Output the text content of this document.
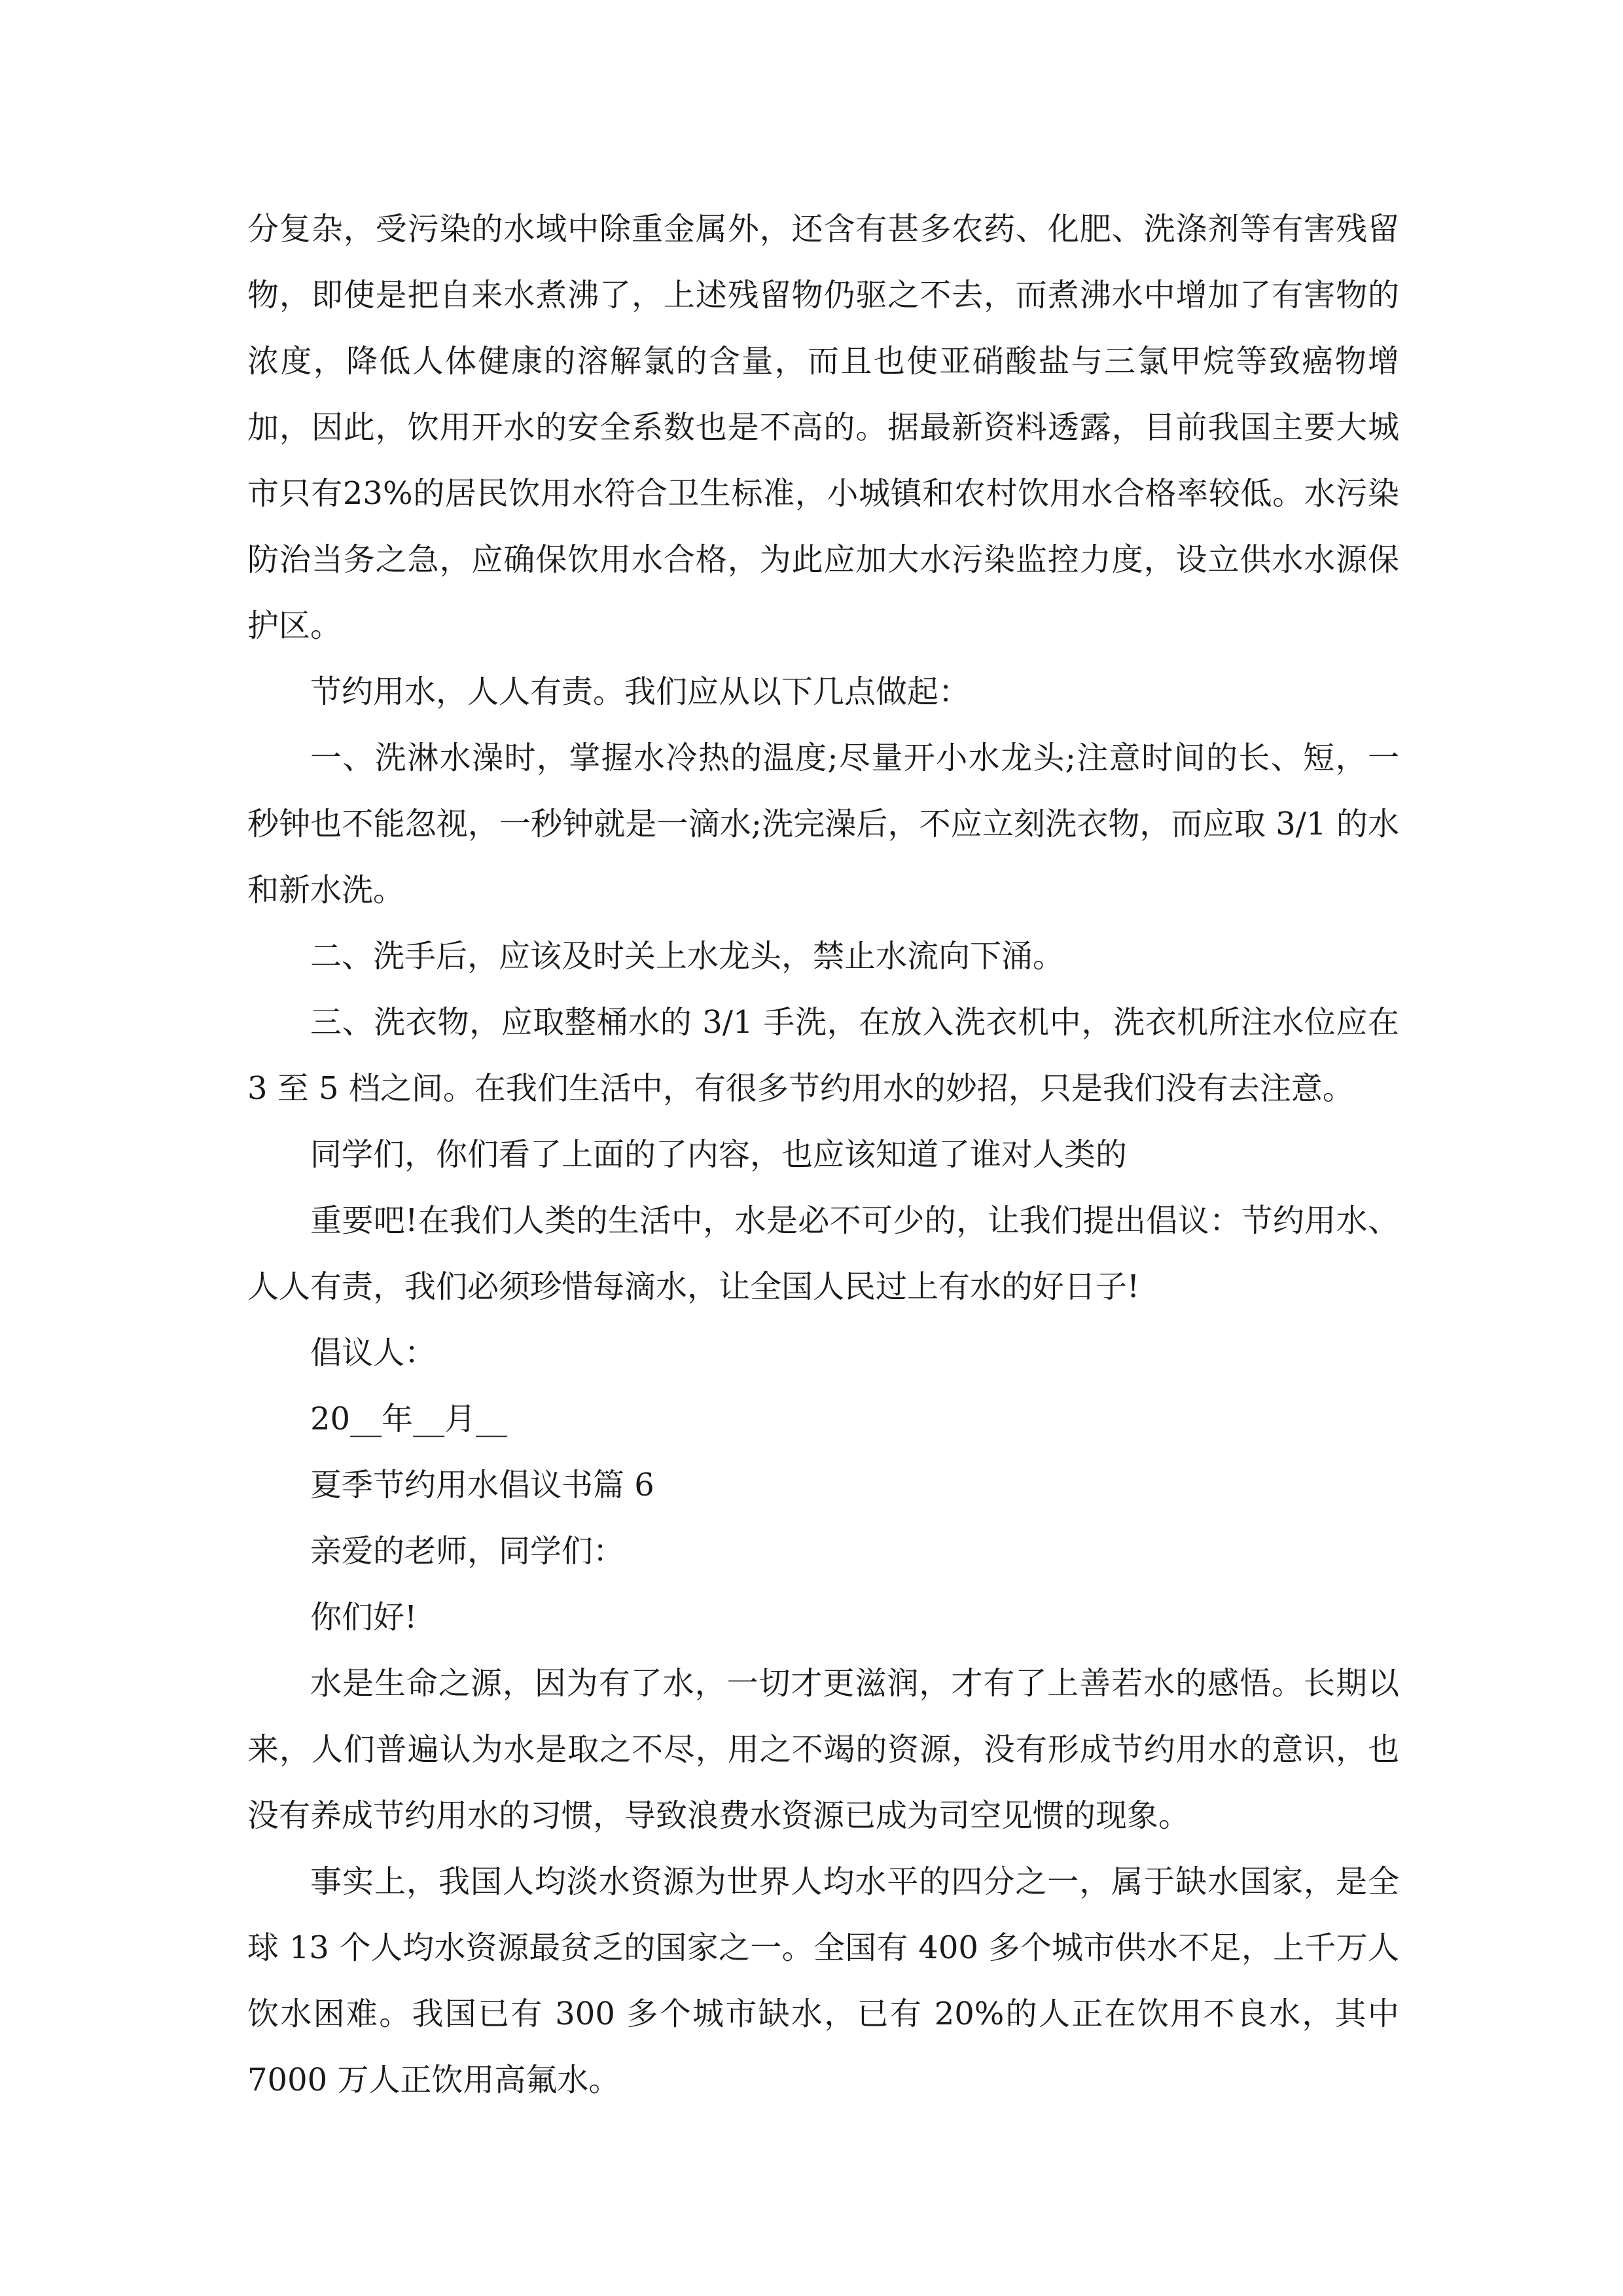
分复杂，受污染的水域中除重金属外，还含有甚多农药、化肥、洗涤剂等有害残留物，即使是把自来水煮沸了，上述残留物仍驱之不去，而煮沸水中增加了有害物的浓度，降低人体健康的溶解氯的含量，而且也使亚硝酸盐与三氯甲烷等致癌物增加，因此，饮用开水的安全系数也是不高的。据最新资料透露，目前我国主要大城市只有23%的居民饮用水符合卫生标准，小城镇和农村饮用水合格率较低。水污染防治当务之急，应确保饮用水合格，为此应加大水污染监控力度，设立供水水源保护区。

节约用水，人人有责。我们应从以下几点做起：

一、洗淋水澡时，掌握水冷热的温度;尽量开小水龙头;注意时间的长、短，一秒钟也不能忽视，一秒钟就是一滴水;洗完澡后，不应立刻洗衣物，而应取 3/1 的水和新水洗。

二、洗手后，应该及时关上水龙头，禁止水流向下涌。

三、洗衣物，应取整桶水的 3/1 手洗，在放入洗衣机中，洗衣机所注水位应在 3 至 5 档之间。在我们生活中，有很多节约用水的妙招，只是我们没有去注意。

同学们，你们看了上面的了内容，也应该知道了谁对人类的

重要吧!在我们人类的生活中，水是必不可少的，让我们提出倡议：节约用水、人人有责，我们必须珍惜每滴水，让全国人民过上有水的好日子!

倡议人：

20__年__月__

夏季节约用水倡议书篇 6

亲爱的老师，同学们：

你们好!

水是生命之源，因为有了水，一切才更滋润，才有了上善若水的感悟。长期以来，人们普遍认为水是取之不尽，用之不竭的资源，没有形成节约用水的意识，也没有养成节约用水的习惯，导致浪费水资源已成为司空见惯的现象。

事实上，我国人均淡水资源为世界人均水平的四分之一，属于缺水国家，是全球 13 个人均水资源最贫乏的国家之一。全国有 400 多个城市供水不足，上千万人饮水困难。我国已有 300 多个城市缺水，已有 20%的人正在饮用不良水，其中 7000 万人正饮用高氟水。
